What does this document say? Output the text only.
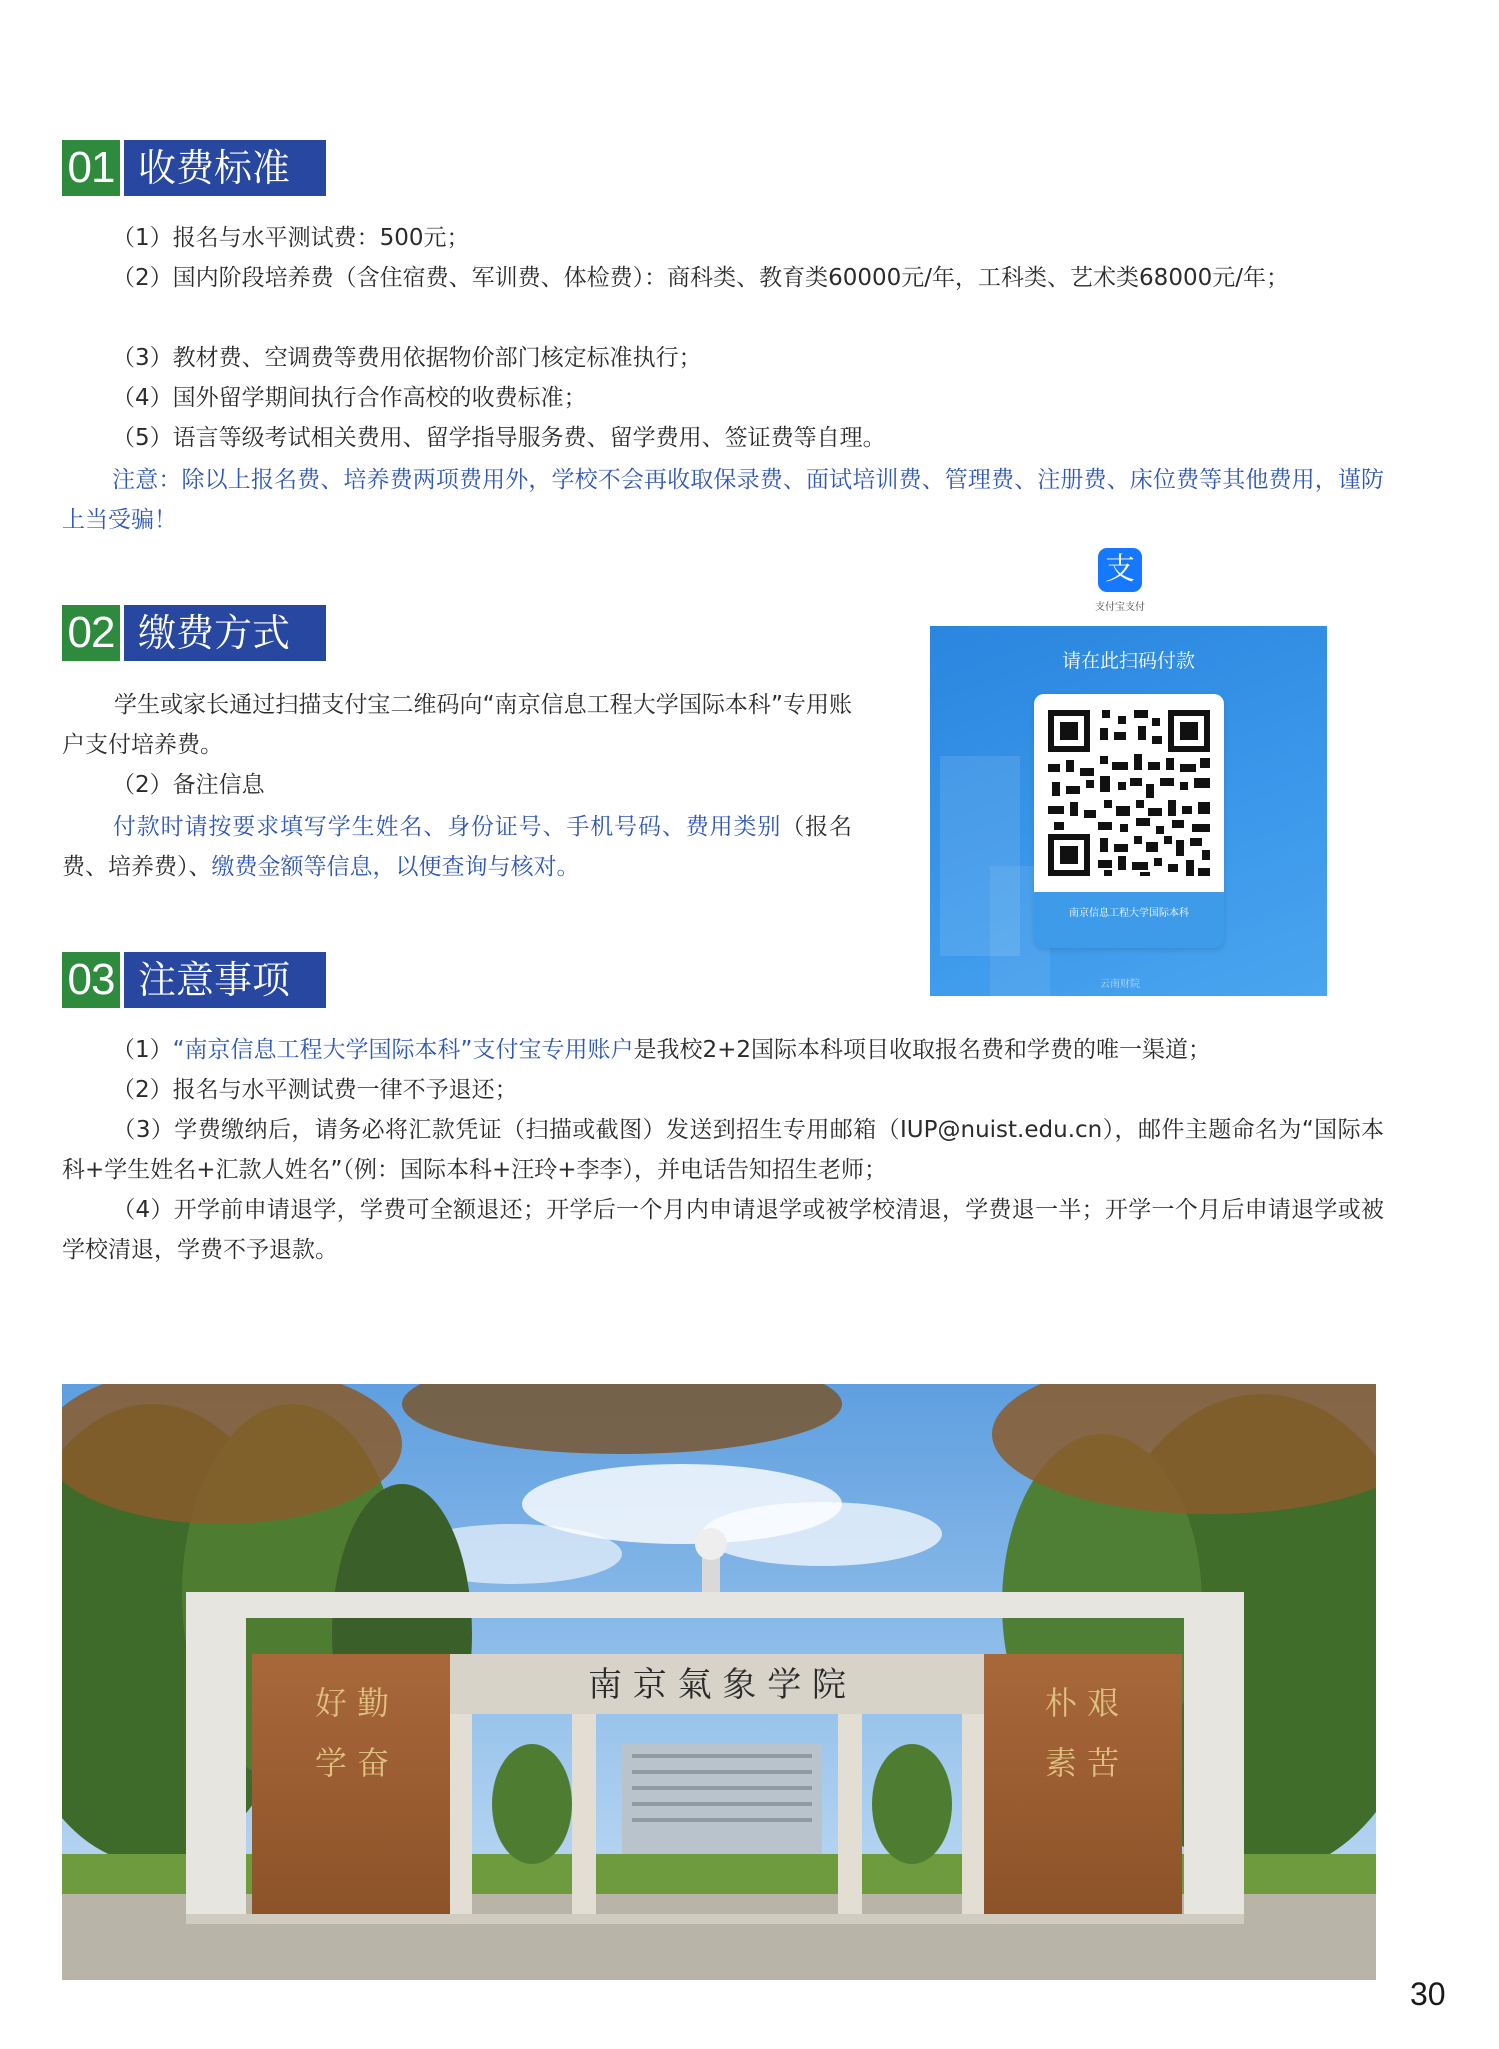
01 收费标准
（1）报名与水平测试费：500元；
（2）国内阶段培养费（含住宿费、军训费、体检费）：商科类、教育类60000元/年，工科类、艺术类68000元/年；
（3）教材费、空调费等费用依据物价部门核定标准执行；
（4）国外留学期间执行合作高校的收费标准；
（5）语言等级考试相关费用、留学指导服务费、留学费用、签证费等自理。
注意：除以上报名费、培养费两项费用外，学校不会再收取保录费、面试培训费、管理费、注册费、床位费等其他费用，谨防上当受骗！
02 缴费方式
学生或家长通过扫描支付宝二维码向“南京信息工程大学国际本科”专用账户支付培养费。
（2）备注信息
付款时请按要求填写学生姓名、身份证号、手机号码、费用类别（报名费、培养费）、缴费金额等信息，以便查询与核对。
支
支付宝支付
请在此扫码付款
南京信息工程大学国际本科
云南财院
03 注意事项
（1）“南京信息工程大学国际本科”支付宝专用账户是我校2+2国际本科项目收取报名费和学费的唯一渠道；
（2）报名与水平测试费一律不予退还；
（3）学费缴纳后，请务必将汇款凭证（扫描或截图）发送到招生专用邮箱（IUP@nuist.edu.cn），邮件主题命名为“国际本科+学生姓名+汇款人姓名”（例：国际本科+汪玲+李李），并电话告知招生老师；
（4）开学前申请退学，学费可全额退还；开学后一个月内申请退学或被学校清退，学费退一半；开学一个月后申请退学或被学校清退，学费不予退款。
南 京 氣 象 学 院
好 勤
学 奋
朴 艰
素 苦
30
